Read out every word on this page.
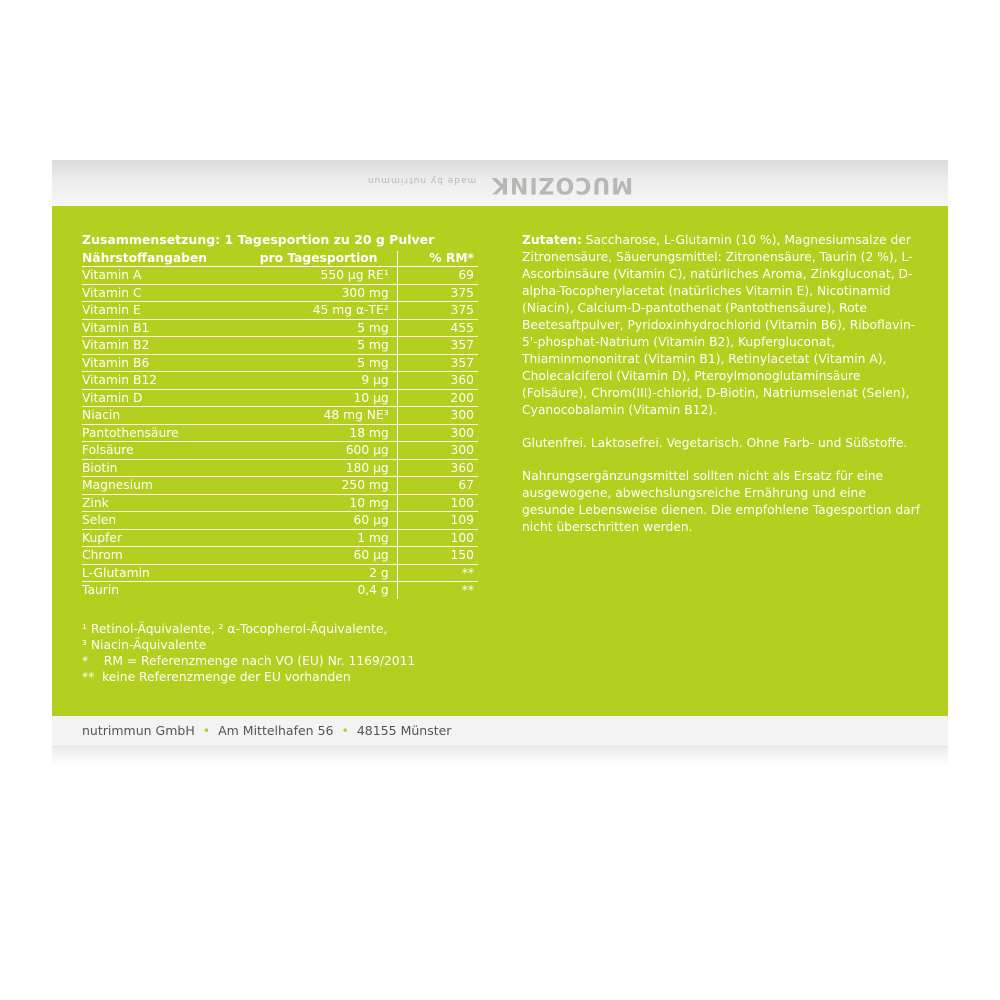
MUCOZINK made by nutrimmun
Zusammensetzung: 1 Tagesportion zu 20 g Pulver
Nährstoffangaben	pro Tagesportion	% RM*
Vitamin A	550 µg RE¹	69
Vitamin C	300 mg	375
Vitamin E	45 mg α-TE²	375
Vitamin B1	5 mg	455
Vitamin B2	5 mg	357
Vitamin B6	5 mg	357
Vitamin B12	9 µg	360
Vitamin D	10 µg	200
Niacin	48 mg NE³	300
Pantothensäure	18 mg	300
Folsäure	600 µg	300
Biotin	180 µg	360
Magnesium	250 mg	67
Zink	10 mg	100
Selen	60 µg	109
Kupfer	1 mg	100
Chrom	60 µg	150
L-Glutamin	2 g	**
Taurin	0,4 g	**
¹ Retinol-Äquivalente, ² α-Tocopherol-Äquivalente,
³ Niacin-Äquivalente
*    RM = Referenzmenge nach VO (EU) Nr. 1169/2011
**  keine Referenzmenge der EU vorhanden

Zutaten: Saccharose, L-Glutamin (10 %), Magnesiumsalze der Zitronensäure, Säuerungsmittel: Zitronensäure, Taurin (2 %), L-Ascorbinsäure (Vitamin C), natürliches Aroma, Zinkgluconat, D-alpha-Tocopherylacetat (natürliches Vitamin E), Nicotinamid (Niacin), Calcium-D-pantothenat (Pantothensäure), Rote Beetesaftpulver, Pyridoxinhydrochlorid (Vitamin B6), Riboflavin-5'-phosphat-Natrium (Vitamin B2), Kupfergluconat, Thiaminmononitrat (Vitamin B1), Retinylacetat (Vitamin A), Cholecalciferol (Vitamin D), Pteroylmonoglutaminsäure (Folsäure), Chrom(III)-chlorid, D-Biotin, Natriumselenat (Selen), Cyanocobalamin (Vitamin B12).

Glutenfrei. Laktosefrei. Vegetarisch. Ohne Farb- und Süßstoffe.

Nahrungsergänzungsmittel sollten nicht als Ersatz für eine ausgewogene, abwechslungsreiche Ernährung und eine gesunde Lebensweise dienen. Die empfohlene Tagesportion darf nicht überschritten werden.

nutrimmun GmbH • Am Mittelhafen 56 • 48155 Münster
